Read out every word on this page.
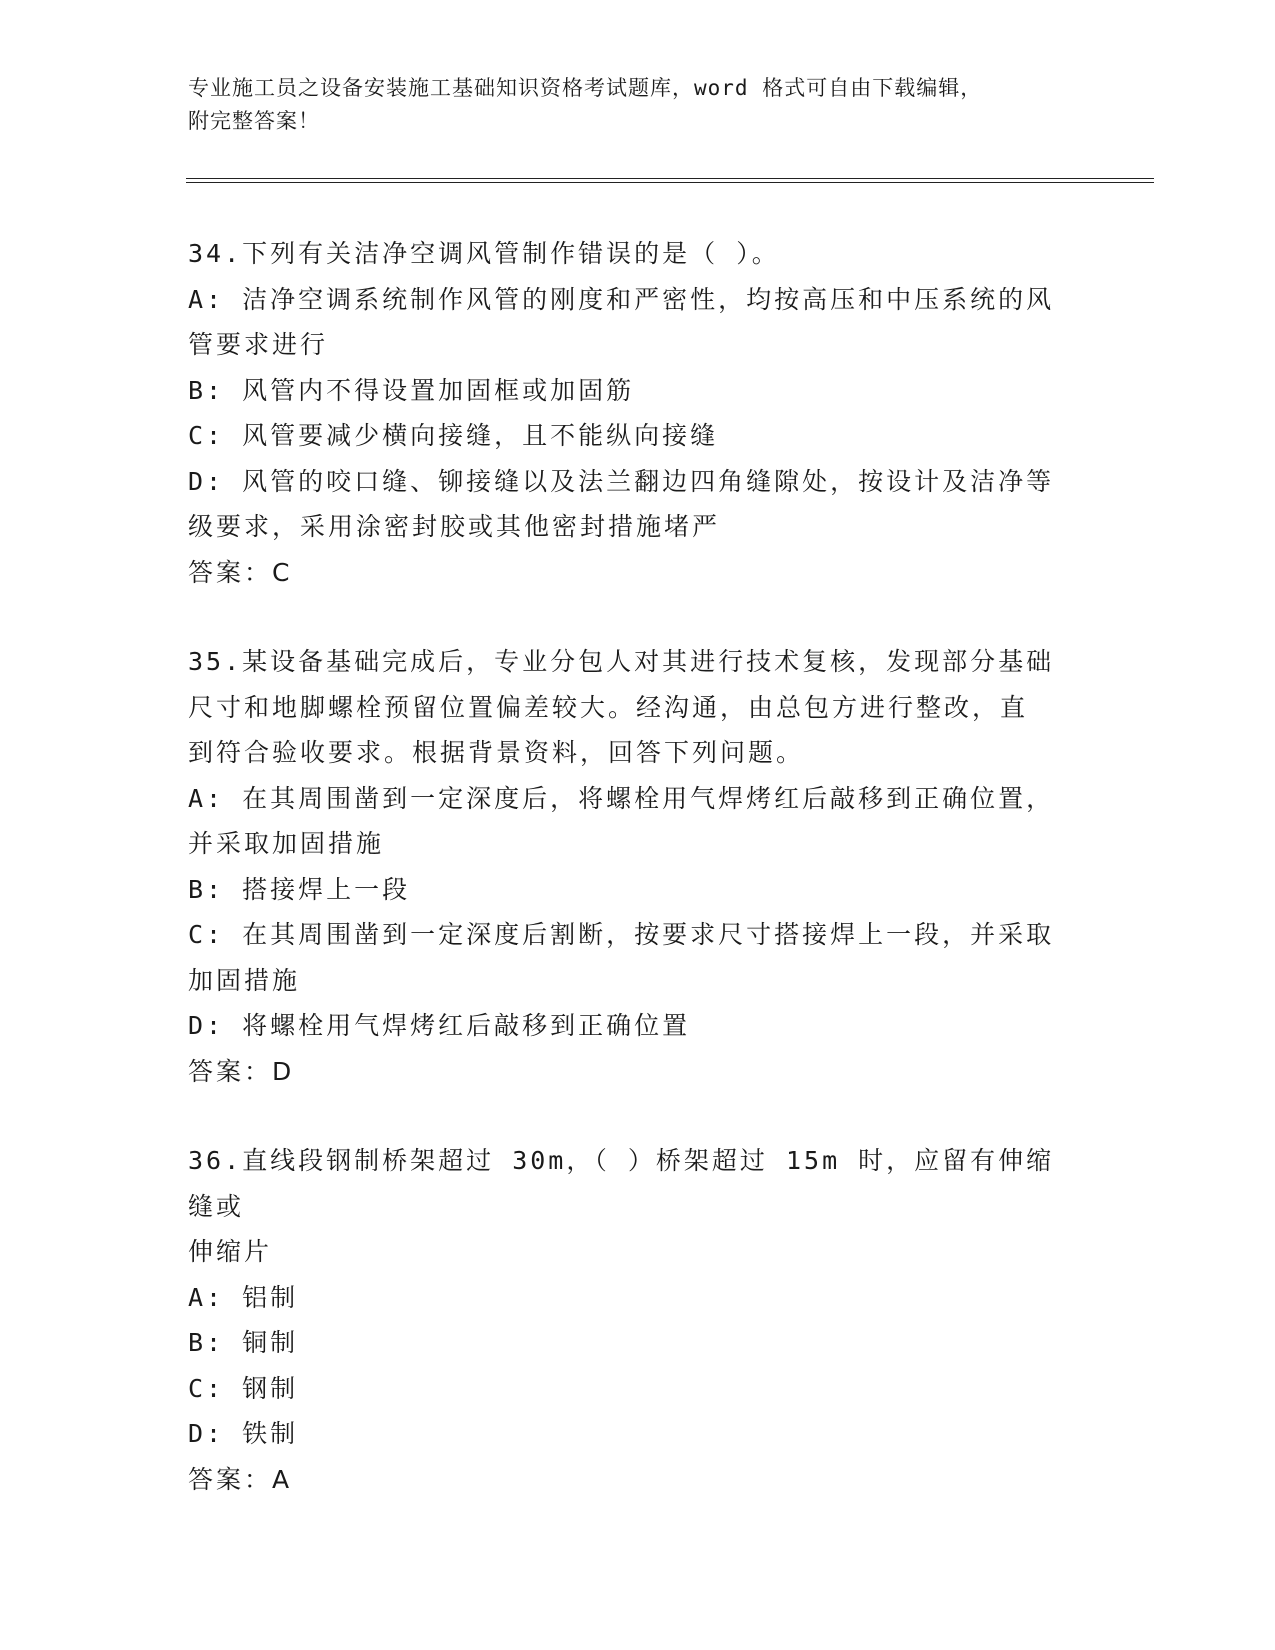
专业施工员之设备安装施工基础知识资格考试题库，word 格式可自由下载编辑，
附完整答案！

34.下列有关洁净空调风管制作错误的是（ ）。

A: 洁净空调系统制作风管的刚度和严密性，均按高压和中压系统的风

管要求进行

B: 风管内不得设置加固框或加固筋

C: 风管要减少横向接缝，且不能纵向接缝

D: 风管的咬口缝、铆接缝以及法兰翻边四角缝隙处，按设计及洁净等

级要求，采用涂密封胶或其他密封措施堵严

答案：C

35.某设备基础完成后，专业分包人对其进行技术复核，发现部分基础

尺寸和地脚螺栓预留位置偏差较大。经沟通，由总包方进行整改，直

到符合验收要求。根据背景资料，回答下列问题。

A: 在其周围凿到一定深度后，将螺栓用气焊烤红后敲移到正确位置，

并采取加固措施

B: 搭接焊上一段

C: 在其周围凿到一定深度后割断，按要求尺寸搭接焊上一段，并采取

加固措施

D: 将螺栓用气焊烤红后敲移到正确位置

答案：D

36.直线段钢制桥架超过 30m，（ ）桥架超过 15m 时，应留有伸缩缝或

伸缩片

A: 铝制

B: 铜制

C: 钢制

D: 铁制

答案：A
